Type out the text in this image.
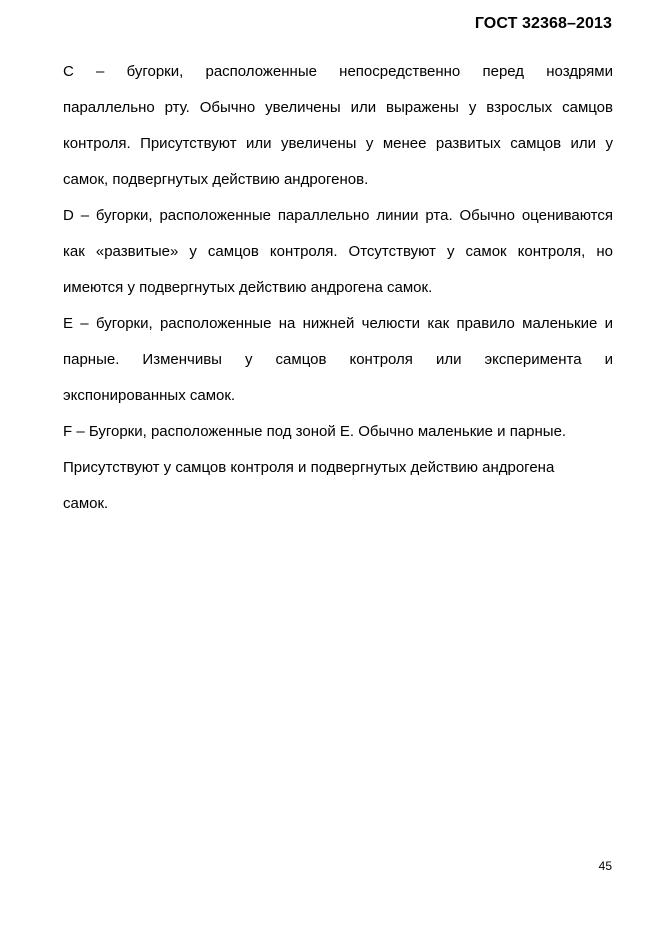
ГОСТ 32368–2013
С – бугорки, расположенные непосредственно перед ноздрями
параллельно рту. Обычно увеличены или выражены у взрослых самцов
контроля. Присутствуют или увеличены у менее развитых самцов или у
самок, подвергнутых действию андрогенов.
D – бугорки, расположенные параллельно линии рта. Обычно оцениваются
как «развитые» у самцов контроля. Отсутствуют у самок контроля, но
имеются у подвергнутых действию андрогена самок.
Е – бугорки, расположенные на нижней челюсти как правило маленькие и
парные. Изменчивы у самцов контроля или эксперимента и
экспонированных самок.
F – Бугорки, расположенные под зоной Е. Обычно маленькие и парные.
Присутствуют у самцов контроля и подвергнутых действию андрогена
самок.
45
